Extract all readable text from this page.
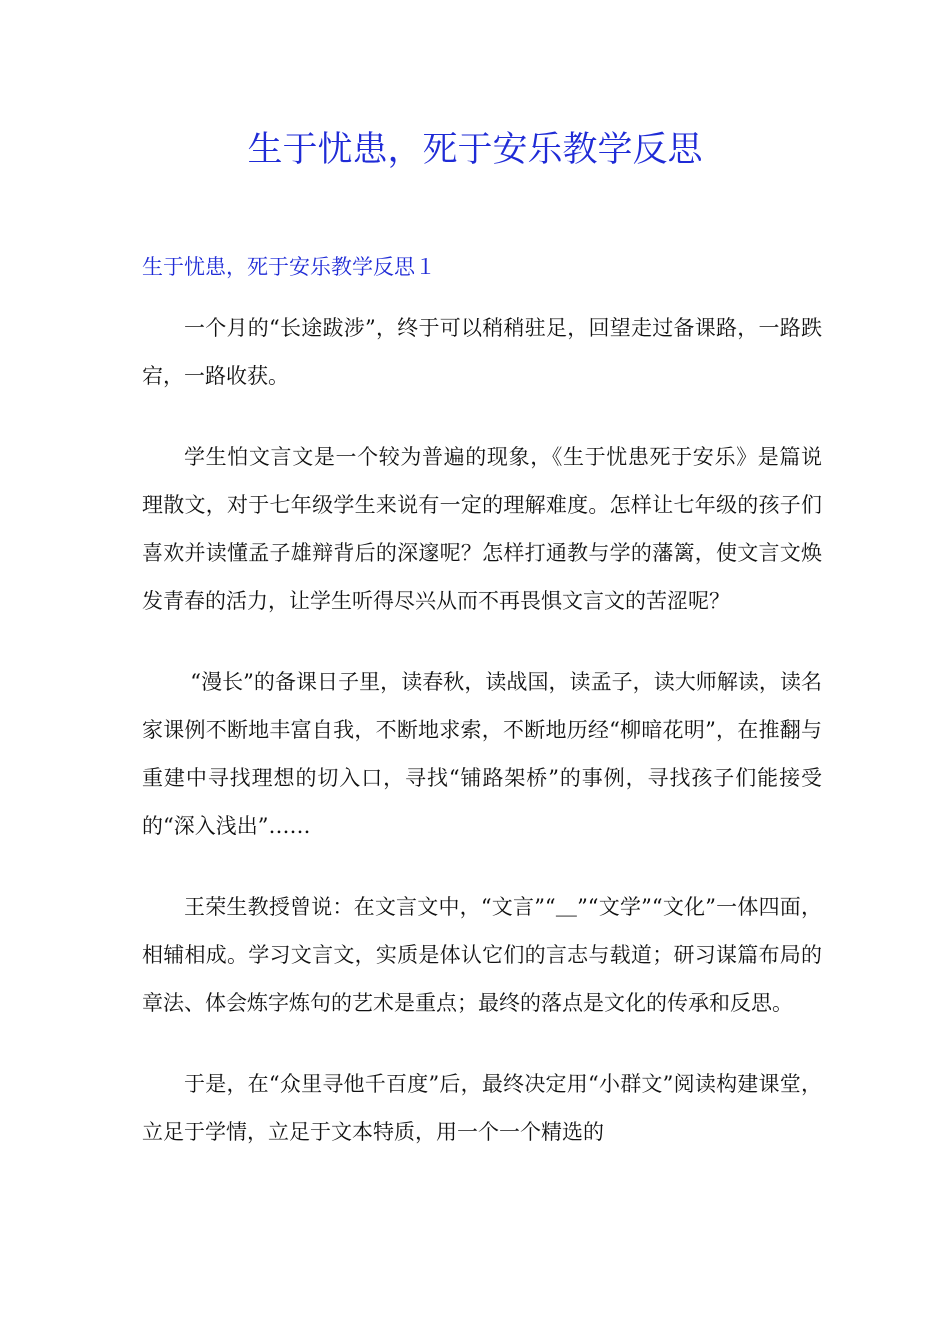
生于忧患，死于安乐教学反思
生于忧患，死于安乐教学反思１

一个月的“长途跋涉”，终于可以稍稍驻足，回望走过备课路，一路跌宕，一路收获。

学生怕文言文是一个较为普遍的现象，《生于忧患死于安乐》是篇说理散文，对于七年级学生来说有一定的理解难度。怎样让七年级的孩子们喜欢并读懂孟子雄辩背后的深邃呢？怎样打通教与学的藩篱，使文言文焕发青春的活力，让学生听得尽兴从而不再畏惧文言文的苦涩呢？

“漫长”的备课日子里，读春秋，读战国，读孟子，读大师解读，读名家课例不断地丰富自我，不断地求索，不断地历经“柳暗花明”，在推翻与重建中寻找理想的切入口，寻找“铺路架桥”的事例，寻找孩子们能接受的“深入浅出”……

王荣生教授曾说：在文言文中，“文言”“＿”“文学”“文化”一体四面，相辅相成。学习文言文，实质是体认它们的言志与载道；研习谋篇布局的章法、体会炼字炼句的艺术是重点；最终的落点是文化的传承和反思。

于是，在“众里寻他千百度”后，最终决定用“小群文”阅读构建课堂，立足于学情，立足于文本特质，用一个一个精选的
